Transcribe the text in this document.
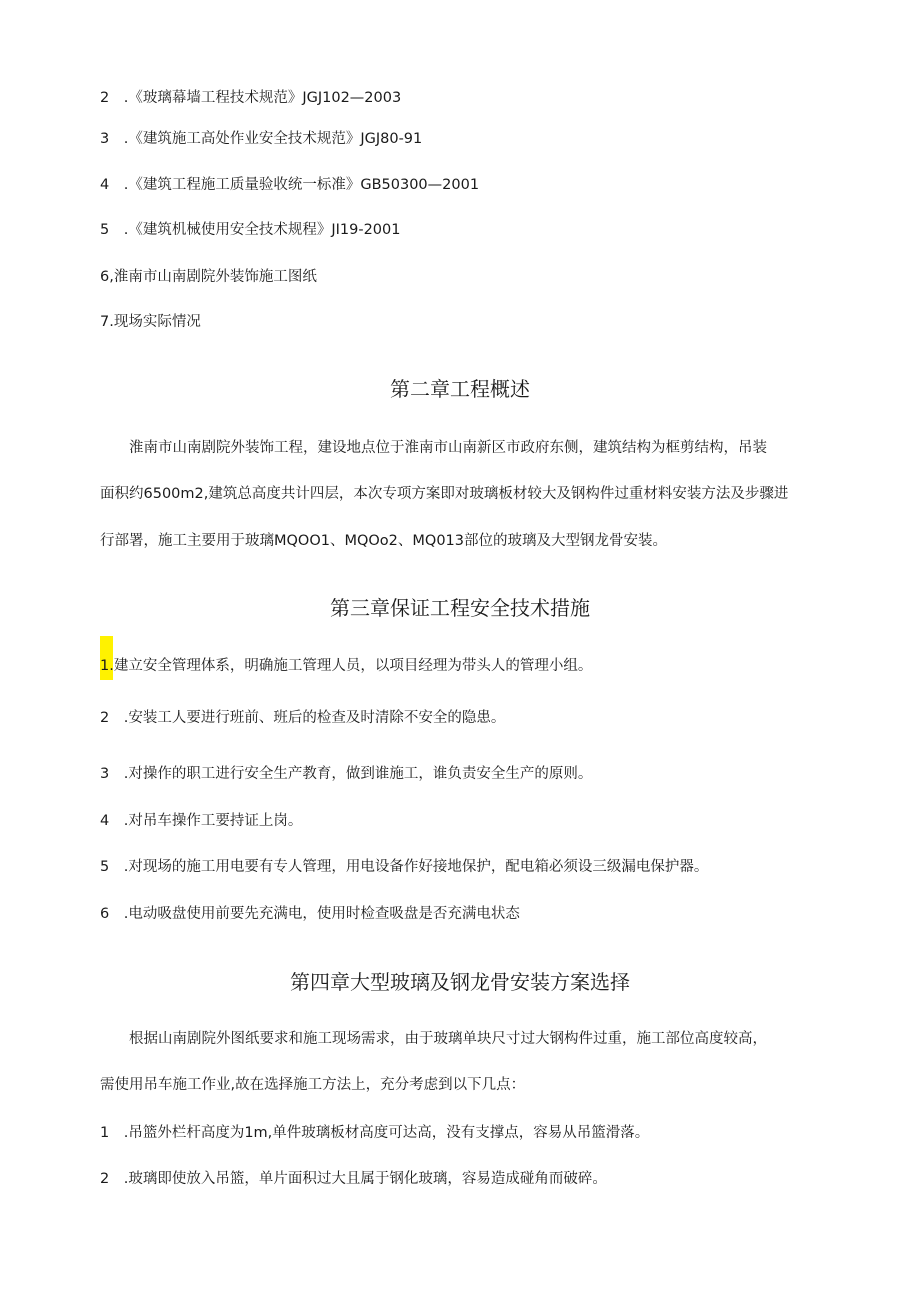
2　.《玻璃幕墙工程技术规范》JGJ102—2003
3　.《建筑施工高处作业安全技术规范》JGJ80-91
4　.《建筑工程施工质量验收统一标准》GB50300—2001
5　.《建筑机械使用安全技术规程》JI19-2001
6,淮南市山南剧院外装饰施工图纸
7.现场实际情况
第二章工程概述
　　淮南市山南剧院外装饰工程，建设地点位于淮南市山南新区市政府东侧，建筑结构为框剪结构，吊装
面积约6500m2,建筑总高度共计四层，本次专项方案即对玻璃板材较大及钢构件过重材料安装方法及步骤进
行部署，施工主要用于玻璃MQOO1、MQOo2、MQ013部位的玻璃及大型钢龙骨安装。
第三章保证工程安全技术措施
1.建立安全管理体系，明确施工管理人员，以项目经理为带头人的管理小组。
2　.安装工人要进行班前、班后的检查及时清除不安全的隐患。
3　.对操作的职工进行安全生产教育，做到谁施工，谁负责安全生产的原则。
4　.对吊车操作工要持证上岗。
5　.对现场的施工用电要有专人管理，用电设备作好接地保护，配电箱必须设三级漏电保护器。
6　.电动吸盘使用前要先充满电，使用时检查吸盘是否充满电状态
第四章大型玻璃及钢龙骨安装方案选择
　　根据山南剧院外图纸要求和施工现场需求，由于玻璃单块尺寸过大钢构件过重，施工部位高度较高，
需使用吊车施工作业,故在选择施工方法上，充分考虑到以下几点：
1　.吊篮外栏杆高度为1m,单件玻璃板材高度可达高，没有支撑点，容易从吊篮滑落。
2　.玻璃即使放入吊篮，单片面积过大且属于钢化玻璃，容易造成碰角而破碎。
